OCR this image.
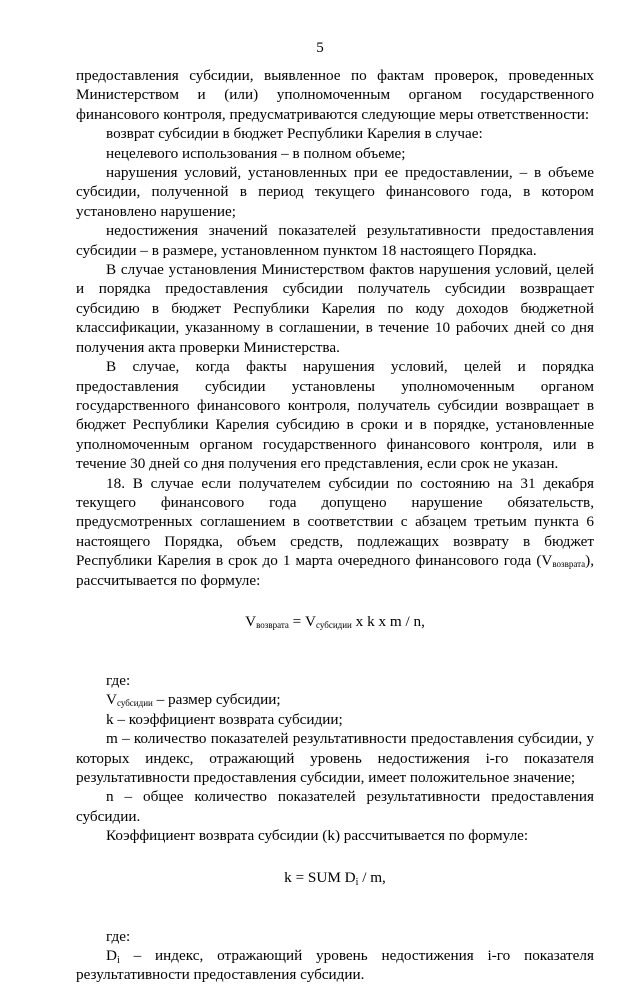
5

предоставления субсидии, выявленное по фактам проверок, проведенных Министерством и (или) уполномоченным органом государственного финансового контроля, предусматриваются следующие меры ответственности:

возврат субсидии в бюджет Республики Карелия в случае:

нецелевого использования – в полном объеме;

нарушения условий, установленных при ее предоставлении, – в объеме субсидии, полученной в период текущего финансового года, в котором установлено нарушение;

недостижения значений показателей результативности предоставления субсидии – в размере, установленном пунктом 18 настоящего Порядка.

В случае установления Министерством фактов нарушения условий, целей и порядка предоставления субсидии получатель субсидии возвращает субсидию в бюджет Республики Карелия по коду доходов бюджетной классификации, указанному в соглашении, в течение 10 рабочих дней со дня получения акта проверки Министерства.

В случае, когда факты нарушения условий, целей и порядка предоставления субсидии установлены уполномоченным органом государственного финансового контроля, получатель субсидии возвращает в бюджет Республики Карелия субсидию в сроки и в порядке, установленные уполномоченным органом государственного финансового контроля, или в течение 30 дней со дня получения его представления, если срок не указан.

18. В случае если получателем субсидии по состоянию на 31 декабря текущего финансового года допущено нарушение обязательств, предусмотренных соглашением в соответствии с абзацем третьим пункта 6 настоящего Порядка, объем средств, подлежащих возврату в бюджет Республики Карелия в срок до 1 марта очередного финансового года $(V_{возврата})$, рассчитывается по формуле:

$V_{возврата} = V_{субсидии}$ x k x m / n,

где:

$V_{субсидии}$ – размер субсидии;

k – коэффициент возврата субсидии;

m – количество показателей результативности предоставления субсидии, у которых индекс, отражающий уровень недостижения i-го показателя результативности предоставления субсидии, имеет положительное значение;

n – общее количество показателей результативности предоставления субсидии.

Коэффициент возврата субсидии (k) рассчитывается по формуле:

k = SUM $D_i$ / m,

где:

$D_i$ – индекс, отражающий уровень недостижения i-го показателя результативности предоставления субсидии.
